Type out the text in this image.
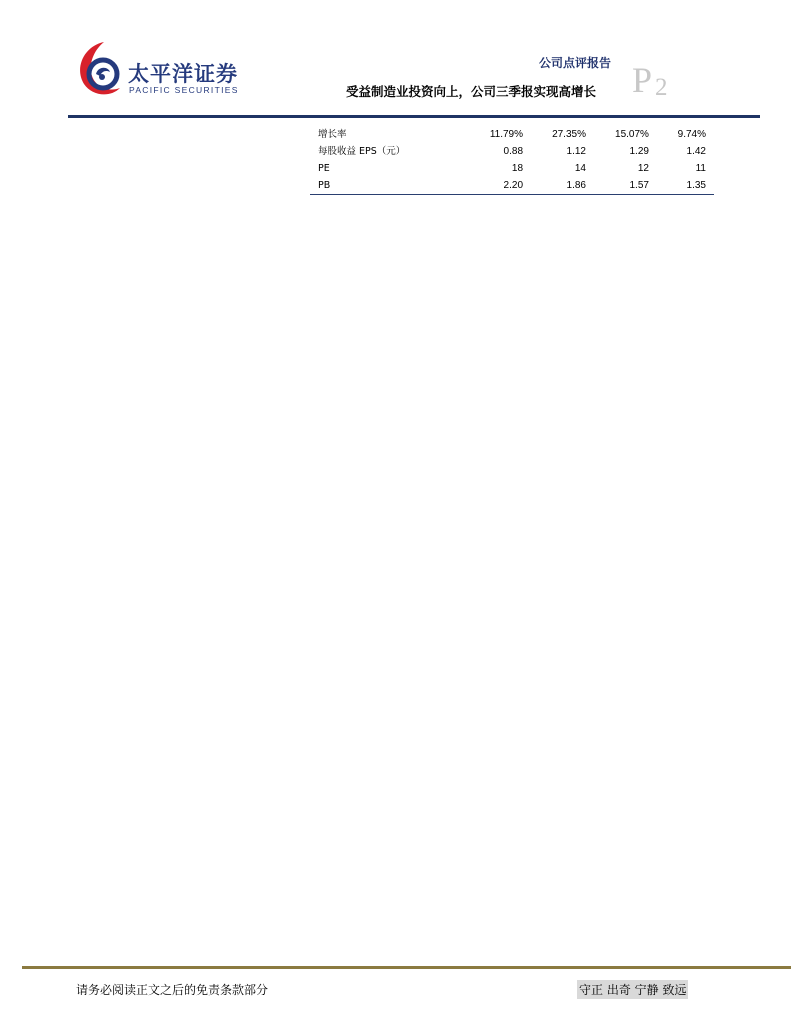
太平洋证券
PACIFIC SECURITIES
公司点评报告
受益制造业投资向上，公司三季报实现高增长 P 2
增长率	11.79%	27.35%	15.07%	9.74%
每股收益 EPS（元）	0.88	1.12	1.29	1.42
PE	18	14	12	11
PB	2.20	1.86	1.57	1.35
请务必阅读正文之后的免责条款部分	守正 出奇 宁静 致远
